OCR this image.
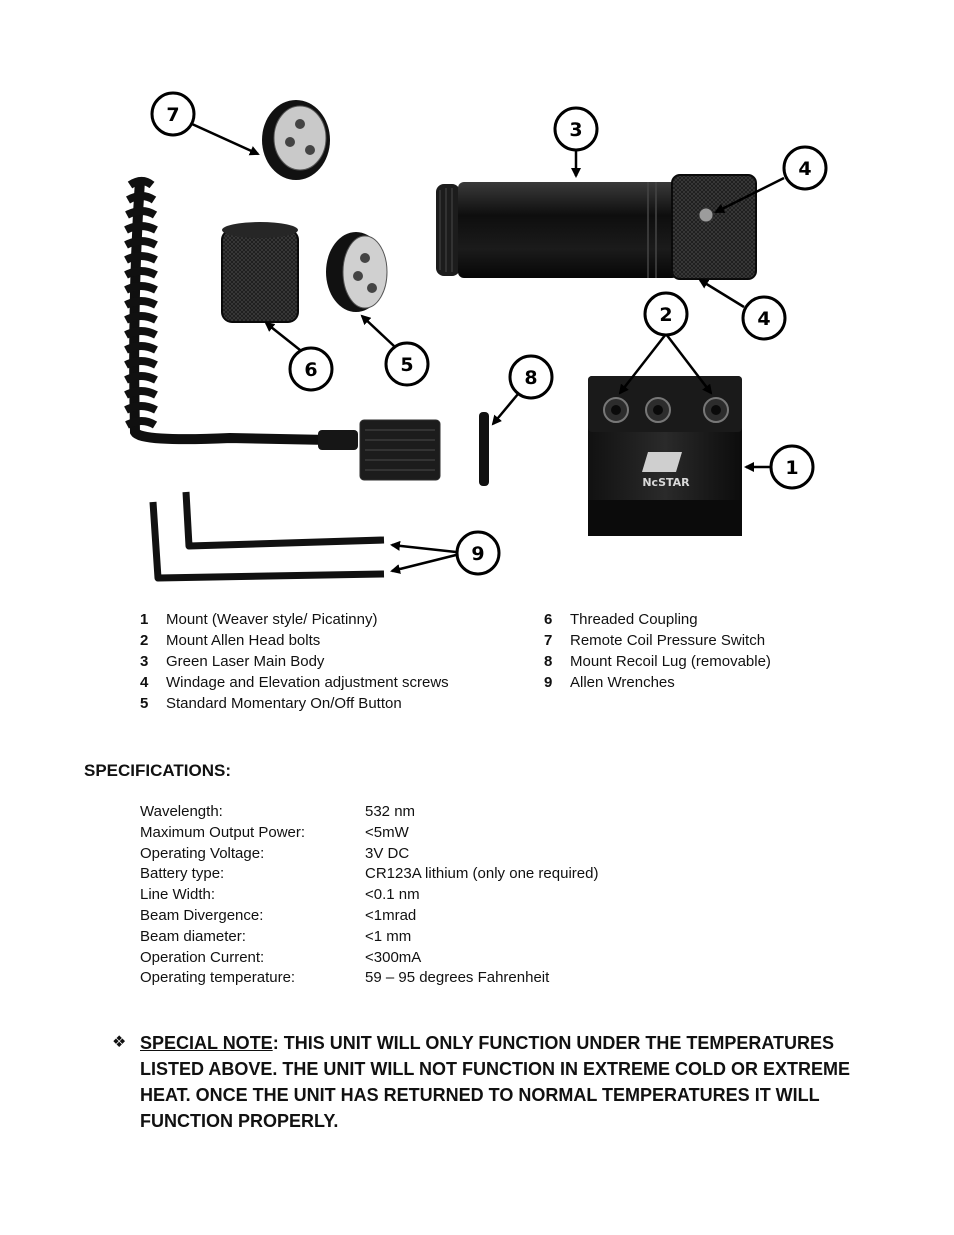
NcSTAR
7
3
4
4
2
6	5
8
1
9
1	Mount (Weaver style/ Picatinny)
2	Mount Allen Head bolts
3	Green Laser Main Body
4	Windage and Elevation adjustment screws
5	Standard Momentary On/Off Button
6	Threaded Coupling
7	Remote Coil Pressure Switch
8	Mount Recoil Lug (removable)
9	Allen Wrenches
SPECIFICATIONS:
Wavelength:	532 nm
Maximum Output Power:	<5mW
Operating Voltage:	3V DC
Battery type:	CR123A lithium (only one required)
Line Width:	<0.1 nm
Beam Divergence:	<1mrad
Beam diameter:	<1 mm
Operation Current:	<300mA
Operating temperature:	59 – 95 degrees Fahrenheit
❖ SPECIAL NOTE: THIS UNIT WILL ONLY FUNCTION UNDER THE TEMPERATURES LISTED ABOVE. THE UNIT WILL NOT FUNCTION IN EXTREME COLD OR EXTREME HEAT. ONCE THE UNIT HAS RETURNED TO NORMAL TEMPERATURES IT WILL FUNCTION PROPERLY.
